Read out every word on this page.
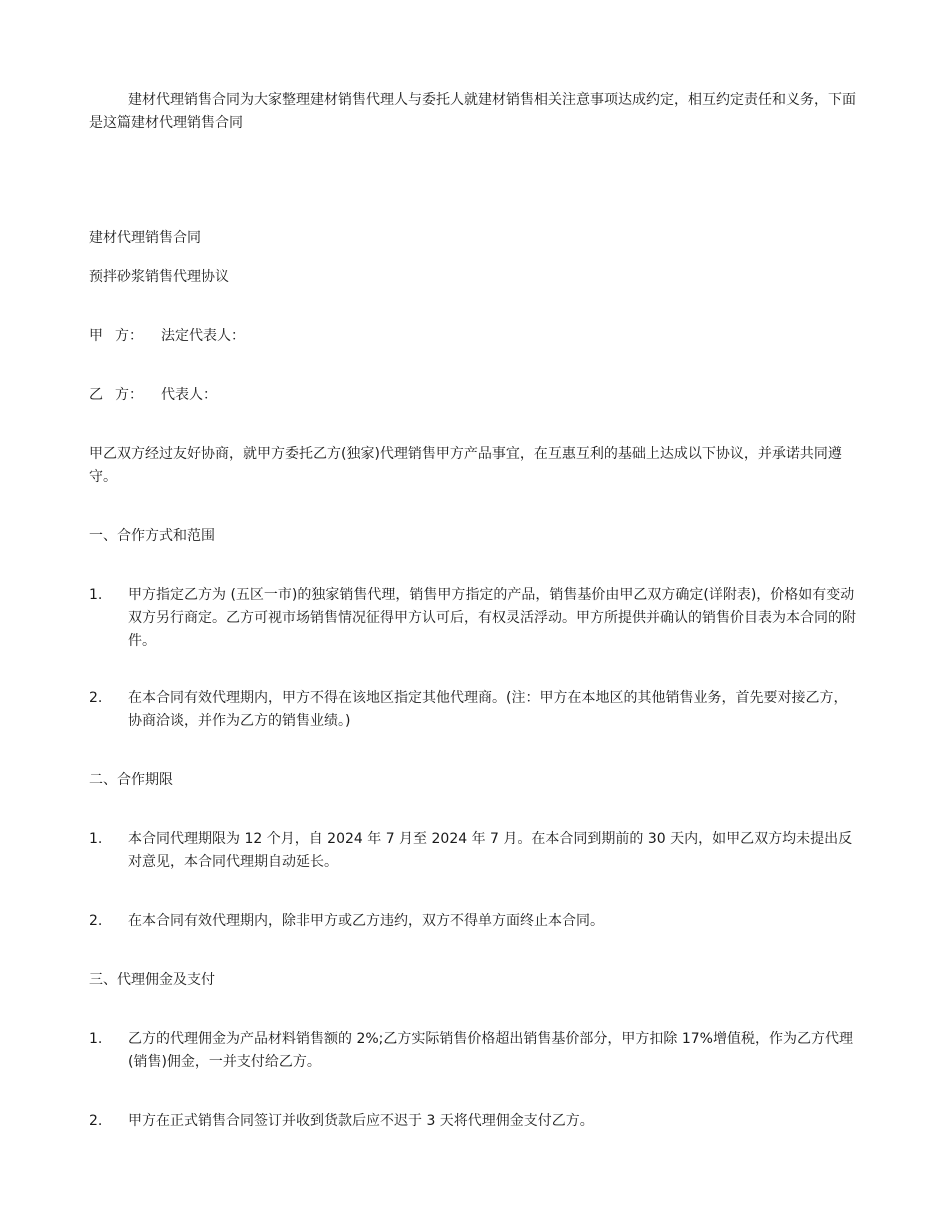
建材代理销售合同为大家整理建材销售代理人与委托人就建材销售相关注意事项达成约定，相互约定责任和义务，下面是这篇建材代理销售合同
建材代理销售合同
预拌砂浆销售代理协议
甲 方： 法定代表人：
乙 方： 代表人：
甲乙双方经过友好协商，就甲方委托乙方(独家)代理销售甲方产品事宜，在互惠互利的基础上达成以下协议，并承诺共同遵守。
一、合作方式和范围
1.	甲方指定乙方为 (五区一市)的独家销售代理，销售甲方指定的产品，销售基价由甲乙双方确定(详附表)，价格如有变动双方另行商定。乙方可视市场销售情况征得甲方认可后，有权灵活浮动。甲方所提供并确认的销售价目表为本合同的附件。
2.	在本合同有效代理期内，甲方不得在该地区指定其他代理商。(注：甲方在本地区的其他销售业务，首先要对接乙方，协商洽谈，并作为乙方的销售业绩。)
二、合作期限
1.	本合同代理期限为 12 个月，自 2024 年 7 月至 2024 年 7 月。在本合同到期前的 30 天内，如甲乙双方均未提出反对意见，本合同代理期自动延长。
2.	在本合同有效代理期内，除非甲方或乙方违约，双方不得单方面终止本合同。
三、代理佣金及支付
1.	乙方的代理佣金为产品材料销售额的 2%;乙方实际销售价格超出销售基价部分，甲方扣除 17%增值税，作为乙方代理(销售)佣金，一并支付给乙方。
2.	甲方在正式销售合同签订并收到货款后应不迟于 3 天将代理佣金支付乙方。
